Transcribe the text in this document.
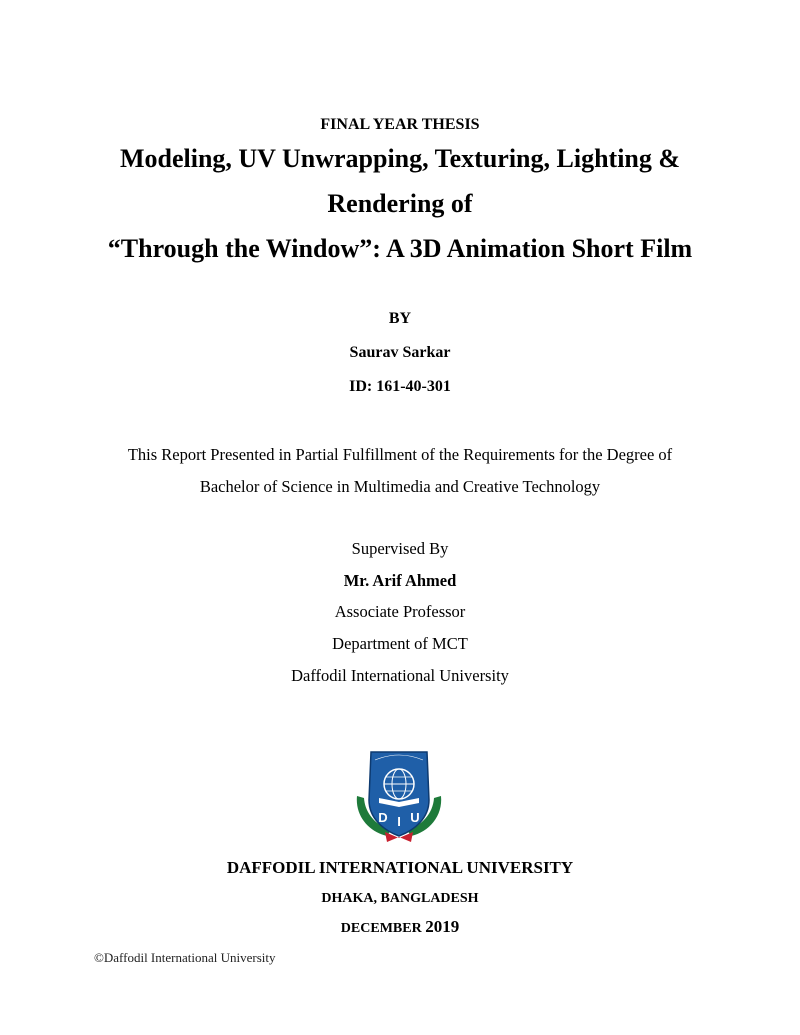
FINAL YEAR THESIS
Modeling, UV Unwrapping, Texturing, Lighting &
Rendering of
“Through the Window”: A 3D Animation Short Film
BY
Saurav Sarkar
ID: 161-40-301
This Report Presented in Partial Fulfillment of the Requirements for the Degree of
Bachelor of Science in Multimedia and Creative Technology
Supervised By
Mr. Arif Ahmed
Associate Professor
Department of MCT
Daffodil International University
D I U
DAFFODIL INTERNATIONAL UNIVERSITY
DHAKA, BANGLADESH
DECEMBER 2019
©Daffodil International University
